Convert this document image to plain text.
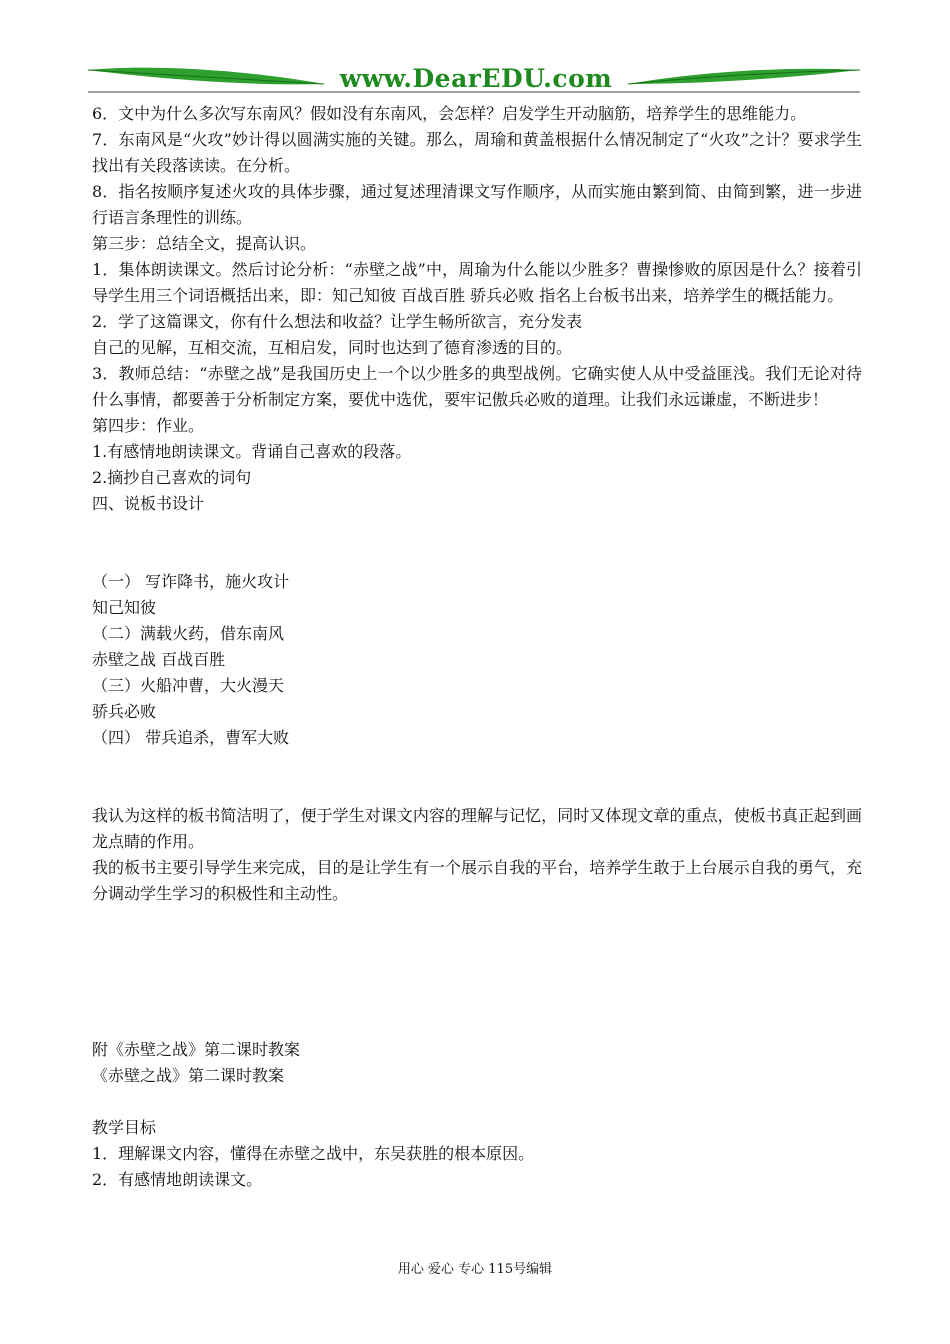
www.DearEDU.com

6．文中为什么多次写东南风？假如没有东南风，会怎样？启发学生开动脑筋，培养学生的思维能力。

7．东南风是“火攻”妙计得以圆满实施的关键。那么，周瑜和黄盖根据什么情况制定了“火攻”之计？要求学生找出有关段落读读。在分析。

8．指名按顺序复述火攻的具体步骤，通过复述理清课文写作顺序，从而实施由繁到简、由简到繁，进一步进行语言条理性的训练。

第三步：总结全文，提高认识。

1．集体朗读课文。然后讨论分析：“赤壁之战”中，周瑜为什么能以少胜多？曹操惨败的原因是什么？接着引导学生用三个词语概括出来，即：知己知彼 百战百胜 骄兵必败 指名上台板书出来，培养学生的概括能力。

2．学了这篇课文，你有什么想法和收益？让学生畅所欲言，充分发表

自己的见解，互相交流，互相启发，同时也达到了德育渗透的目的。

3．教师总结：“赤壁之战”是我国历史上一个以少胜多的典型战例。它确实使人从中受益匪浅。我们无论对待什么事情，都要善于分析制定方案，要优中选优，要牢记傲兵必败的道理。让我们永远谦虚，不断进步！

第四步：作业。

1.有感情地朗读课文。背诵自己喜欢的段落。

2.摘抄自己喜欢的词句

四、说板书设计

（一） 写诈降书，施火攻计

知己知彼

（二）满载火药，借东南风

赤壁之战 百战百胜

（三）火船冲曹，大火漫天

骄兵必败

（四） 带兵追杀，曹军大败

我认为这样的板书简洁明了，便于学生对课文内容的理解与记忆，同时又体现文章的重点，使板书真正起到画龙点睛的作用。

我的板书主要引导学生来完成，目的是让学生有一个展示自我的平台，培养学生敢于上台展示自我的勇气，充分调动学生学习的积极性和主动性。

附《赤壁之战》第二课时教案

《赤壁之战》第二课时教案

教学目标

1．理解课文内容，懂得在赤壁之战中，东吴获胜的根本原因。

2．有感情地朗读课文。

用心 爱心 专心 115号编辑
